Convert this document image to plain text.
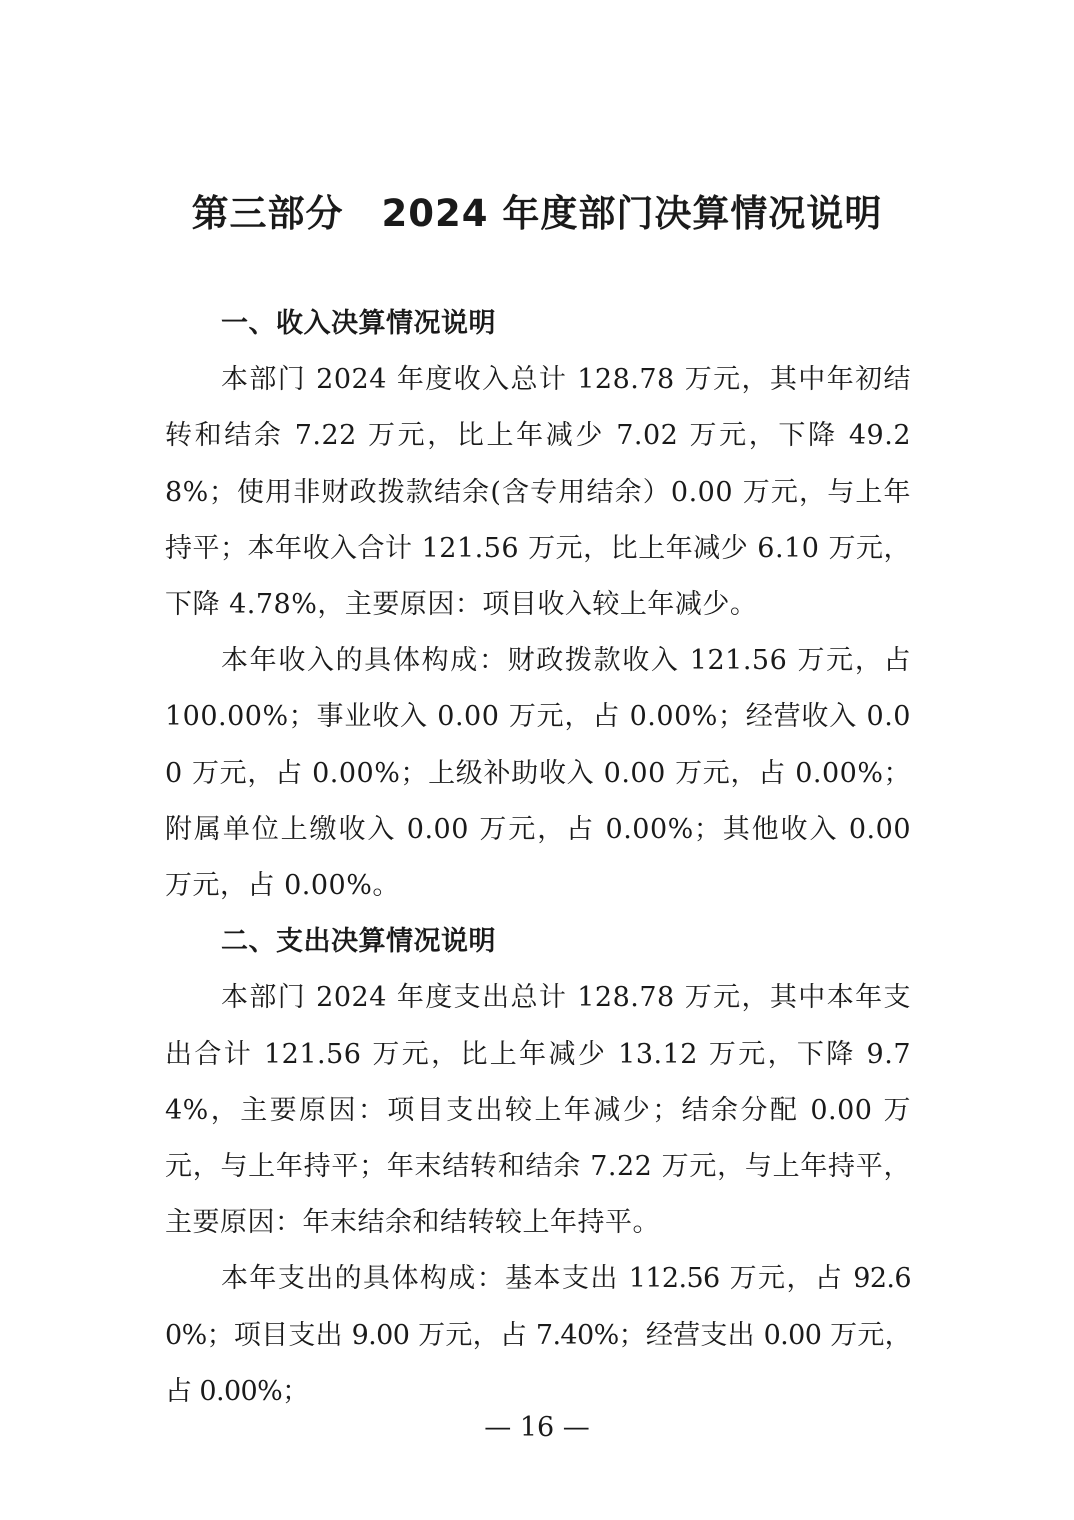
第三部分　2024 年度部门决算情况说明

一、收入决算情况说明

本部门 2024 年度收入总计 128.78 万元，其中年初结转和结余 7.22 万元，比上年减少 7.02 万元，下降 49.28%；使用非财政拨款结余(含专用结余）0.00 万元，与上年持平；本年收入合计 121.56 万元，比上年减少 6.10 万元，下降 4.78%，主要原因：项目收入较上年减少。

本年收入的具体构成：财政拨款收入 121.56 万元，占 100.00%；事业收入 0.00 万元，占 0.00%；经营收入 0.00 万元，占 0.00%；上级补助收入 0.00 万元，占 0.00%；附属单位上缴收入 0.00 万元，占 0.00%；其他收入 0.00 万元，占 0.00%。

二、支出决算情况说明

本部门 2024 年度支出总计 128.78 万元，其中本年支出合计 121.56 万元，比上年减少 13.12 万元，下降 9.74%，主要原因：项目支出较上年减少；结余分配 0.00 万元，与上年持平；年末结转和结余 7.22 万元，与上年持平，主要原因：年末结余和结转较上年持平。

本年支出的具体构成：基本支出 112.56 万元，占 92.60%；项目支出 9.00 万元，占 7.40%；经营支出 0.00 万元，占 0.00%；

— 16 —
